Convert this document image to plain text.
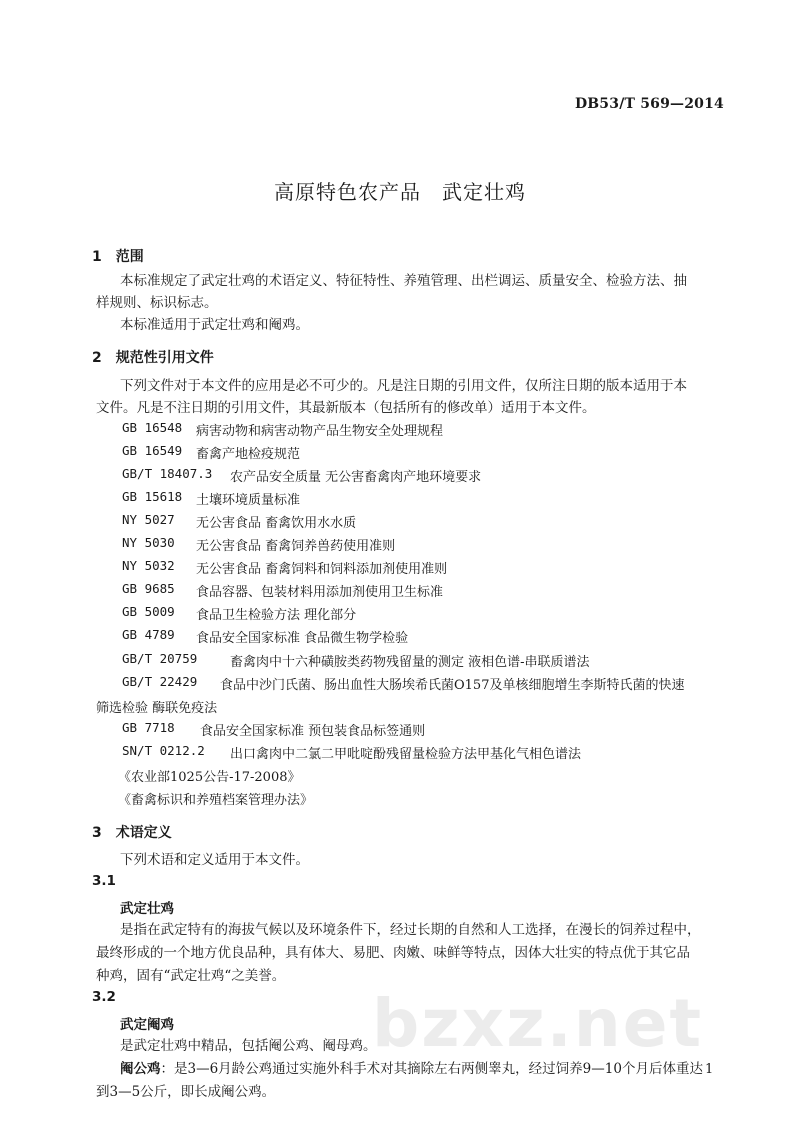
DB53/T 569—2014
高原特色农产品　武定壮鸡
1　范围
本标准规定了武定壮鸡的术语定义、特征特性、养殖管理、出栏调运、质量安全、检验方法、抽
样规则、标识标志。
本标准适用于武定壮鸡和阉鸡。
2　规范性引用文件
下列文件对于本文件的应用是必不可少的。凡是注日期的引用文件，仅所注日期的版本适用于本
文件。凡是不注日期的引用文件，其最新版本（包括所有的修改单）适用于本文件。
GB 16548 病害动物和病害动物产品生物安全处理规程
GB 16549 畜禽产地检疫规范
GB/T 18407.3 农产品安全质量 无公害畜禽肉产地环境要求
GB 15618 土壤环境质量标准
NY 5027 无公害食品 畜禽饮用水水质
NY 5030 无公害食品 畜禽饲养兽药使用准则
NY 5032 无公害食品 畜禽饲料和饲料添加剂使用准则
GB 9685 食品容器、包装材料用添加剂使用卫生标准
GB 5009 食品卫生检验方法 理化部分
GB 4789 食品安全国家标准 食品微生物学检验
GB/T 20759	畜禽肉中十六种磺胺类药物残留量的测定 液相色谱-串联质谱法
GB/T 22429 食品中沙门氏菌、肠出血性大肠埃希氏菌O157及单核细胞增生李斯特氏菌的快速
筛选检验 酶联免疫法
GB 7718 食品安全国家标准 预包装食品标签通则
SN/T 0212.2 出口禽肉中二氯二甲吡啶酚残留量检验方法甲基化气相色谱法
《农业部1025公告-17-2008》
《畜禽标识和养殖档案管理办法》
3　术语定义
下列术语和定义适用于本文件。
3.1
武定壮鸡
是指在武定特有的海拔气候以及环境条件下，经过长期的自然和人工选择，在漫长的饲养过程中，
最终形成的一个地方优良品种，具有体大、易肥、肉嫩、味鲜等特点，因体大壮实的特点优于其它品
种鸡，固有“武定壮鸡“之美誉。
3.2
武定阉鸡
是武定壮鸡中精品，包括阉公鸡、阉母鸡。
阉公鸡：是3—6月龄公鸡通过实施外科手术对其摘除左右两侧睾丸，经过饲养9—10个月后体重达
到3—5公斤，即长成阉公鸡。
bzxz.net
1
